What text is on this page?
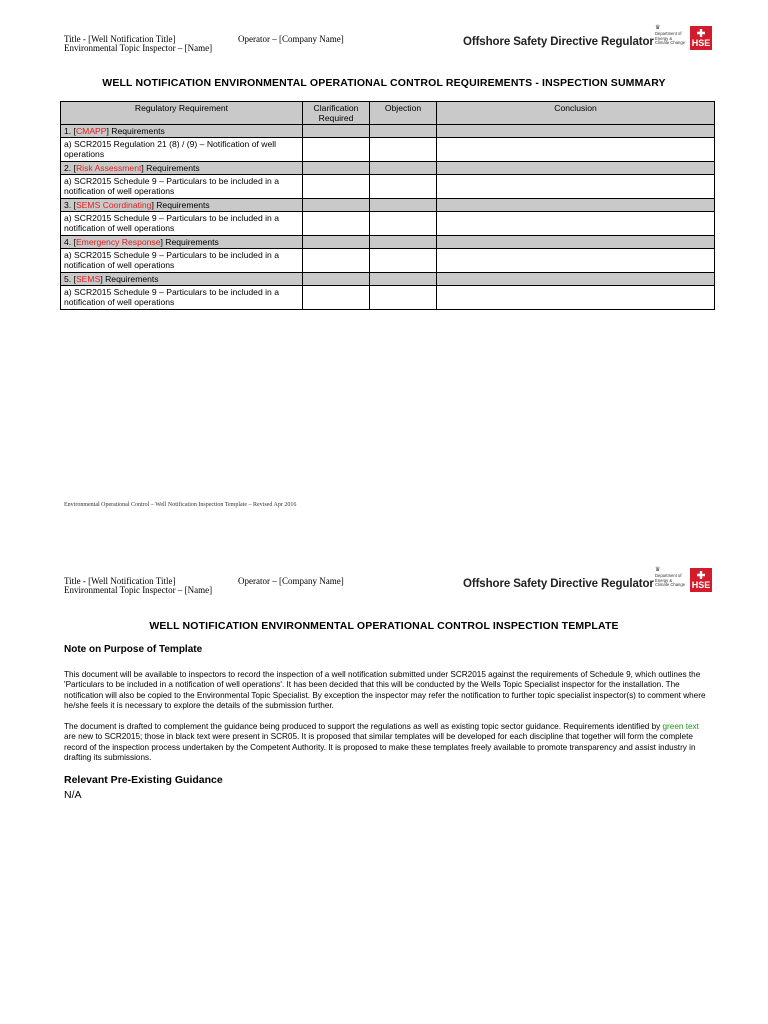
Title - [Well Notification Title]
Environmental Topic Inspector – [Name]
Operator – [Company Name]	Offshore Safety Directive Regulator
♛
Department of Energy & Climate Change HSE
WELL NOTIFICATION ENVIRONMENTAL OPERATIONAL CONTROL REQUIREMENTS - INSPECTION SUMMARY
Regulatory Requirement	Clarification Required	Objection	Conclusion
1. [CMAPP] Requirements			
a) SCR2015 Regulation 21 (8) / (9) – Notification of well operations			
2. [Risk Assessment] Requirements			
a) SCR2015 Schedule 9 – Particulars to be included in a notification of well operations			
3. [SEMS Coordinating] Requirements			
a) SCR2015 Schedule 9 – Particulars to be included in a notification of well operations			
4. [Emergency Response] Requirements			
a) SCR2015 Schedule 9 – Particulars to be included in a notification of well operations			
5. [SEMS] Requirements			
a) SCR2015 Schedule 9 – Particulars to be included in a notification of well operations			
Environmental Operational Control – Well Notification Inspection Template – Revised Apr 2016
Title - [Well Notification Title]
Environmental Topic Inspector – [Name]
Operator – [Company Name]	Offshore Safety Directive Regulator
♛
Department of Energy & Climate Change HSE
WELL NOTIFICATION ENVIRONMENTAL OPERATIONAL CONTROL INSPECTION TEMPLATE
Note on Purpose of Template
This document will be available to inspectors to record the inspection of a well notification submitted under SCR2015 against the requirements of Schedule 9, which outlines the 'Particulars to be included in a notification of well operations'. It has been decided that this will be conducted by the Wells Topic Specialist inspector for the installation. The notification will also be copied to the Environmental Topic Specialist. By exception the inspector may refer the notification to further topic specialist inspector(s) to comment where he/she feels it is necessary to explore the details of the submission further.
The document is drafted to complement the guidance being produced to support the regulations as well as existing topic sector guidance. Requirements identified by green text are new to SCR2015; those in black text were present in SCR05. It is proposed that similar templates will be developed for each discipline that together will form the complete record of the inspection process undertaken by the Competent Authority. It is proposed to make these templates freely available to promote transparency and assist industry in drafting its submissions.
Relevant Pre-Existing Guidance
N/A
